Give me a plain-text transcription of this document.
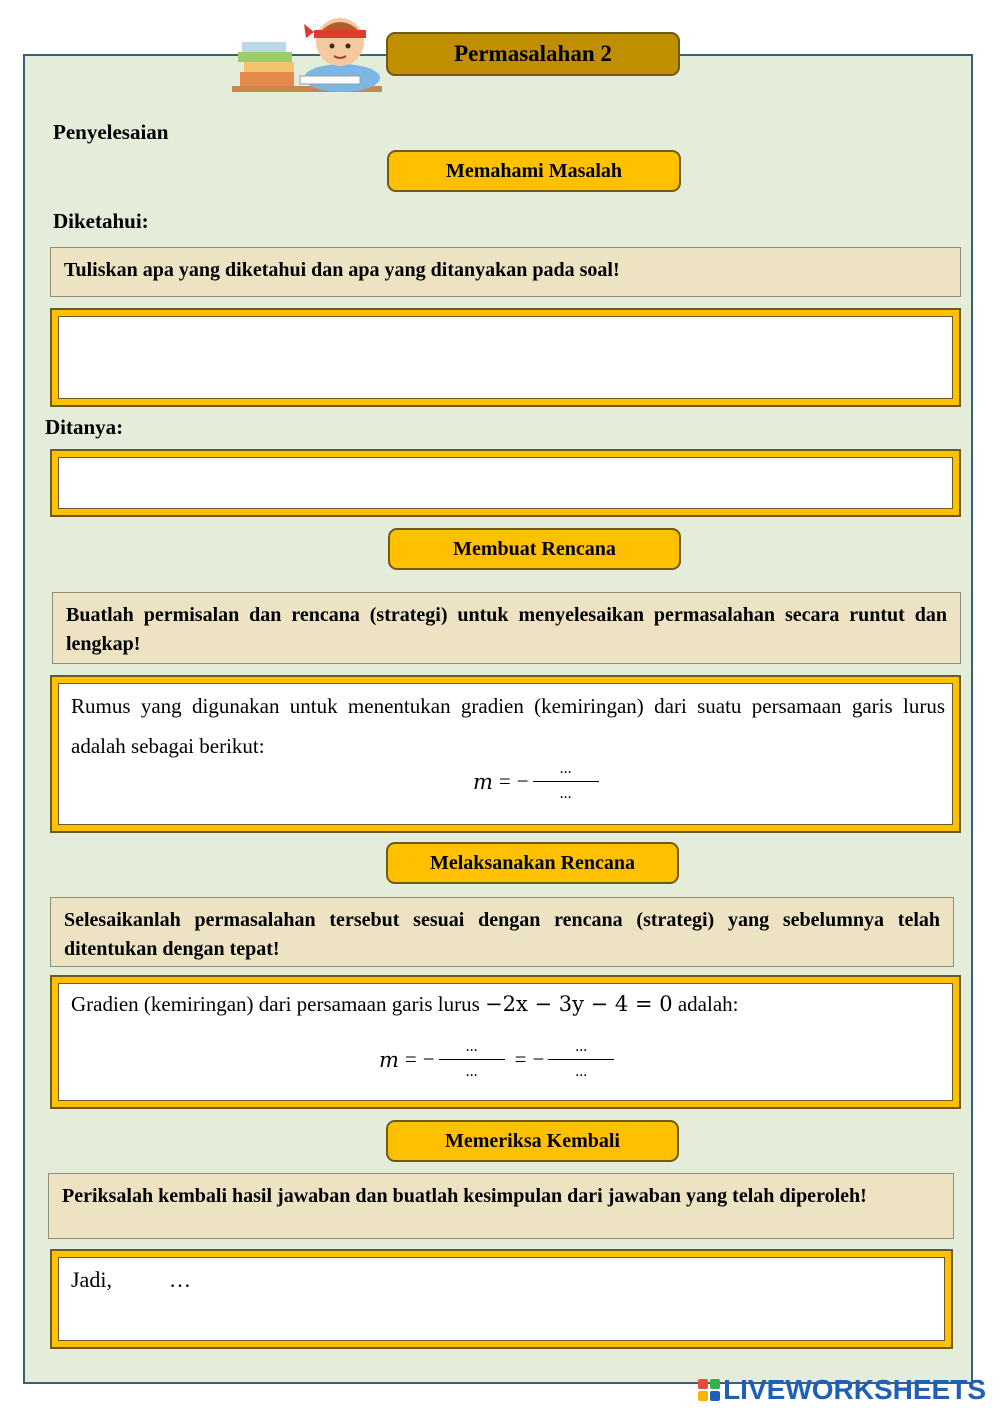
Permasalahan 2
Penyelesaian
Memahami Masalah
Diketahui:
Tuliskan apa yang diketahui dan apa yang ditanyakan pada soal!
Ditanya:
Membuat Rencana
Buatlah permisalan dan rencana (strategi) untuk menyelesaikan permasalahan secara runtut dan lengkap!
Rumus yang digunakan untuk menentukan gradien (kemiringan) dari suatu persamaan garis lurus adalah sebagai berikut:
m = − $\frac{...}{...}$
Melaksanakan Rencana
Selesaikanlah permasalahan tersebut sesuai dengan rencana (strategi) yang sebelumnya telah ditentukan dengan tepat!
Gradien (kemiringan) dari persamaan garis lurus −2x − 3y − 4 = 0 adalah:
m = − $\frac{...}{...}$ = − $\frac{...}{...}$
Memeriksa Kembali
Periksalah kembali hasil jawaban dan buatlah kesimpulan dari jawaban yang telah diperoleh!
Jadi,	…
LIVEWORKSHEETS
